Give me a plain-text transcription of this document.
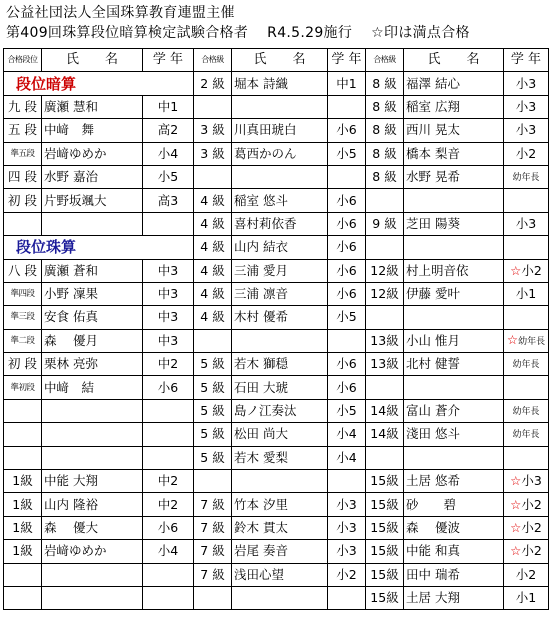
公益社団法人全国珠算教育連盟主催
第409回珠算段位暗算検定試験合格者　 R4.5.29施行　 ☆印は満点合格
合格段位	氏　　名	学 年	合格級	氏　　名	学 年	合格級	氏　　名	学 年
段位暗算			2 級	堀本 詩織	中1	8 級	福澤 結心	小3
九 段	廣瀬 慧和	中1				8 級	稲室 広翔	小3
五 段	中﨑　舞	高2	3 級	川真田琥白	小6	8 級	西川 晃太	小3
準五段	岩﨑ゆめか	小4	3 級	葛西かのん	小5	8 級	橋本 梨音	小2
四 段	水野 嘉治	小5				8 級	水野 晃希	幼年長
初 段	片野坂颯大	高3	4 級	稲室 悠斗	小6			
			4 級	喜村莉依香	小6	9 級	芝田 陽葵	小3
段位珠算			4 級	山内 結衣	小6			
八 段	廣瀬 蒼和	中3	4 級	三浦 愛月	小6	12級	村上明音依	☆小2
準四段	小野 凜果	中3	4 級	三浦 凛音	小6	12級	伊藤 愛叶	小1
準三段	安食 佑真	中3	4 級	木村 優希	小5			
準二段	森　 優月	中3				13級	小山 惟月	☆幼年長
初 段	栗林 亮弥	中2	5 級	若木 獅穏	小6	13級	北村 健誓	幼年長
準初段	中﨑　結	小6	5 級	石田 大琥	小6			
			5 級	島ノ江奏汰	小5	14級	富山 蒼介	幼年長
			5 級	松田 尚大	小4	14級	淺田 悠斗	幼年長
			5 級	若木 愛梨	小4			
1級	中能 大翔	中2				15級	土居 悠希	☆小3
1級	山内 隆裕	中2	7 級	竹本 汐里	小3	15級	砂　　碧	☆小2
1級	森　 優大	小6	7 級	鈴木 貫太	小3	15級	森　 優波	☆小2
1級	岩﨑ゆめか	小4	7 級	岩尾 奏音	小3	15級	中能 和真	☆小2
			7 級	浅田心望	小2	15級	田中 瑞希	小2
						15級	土居 大翔	小1
